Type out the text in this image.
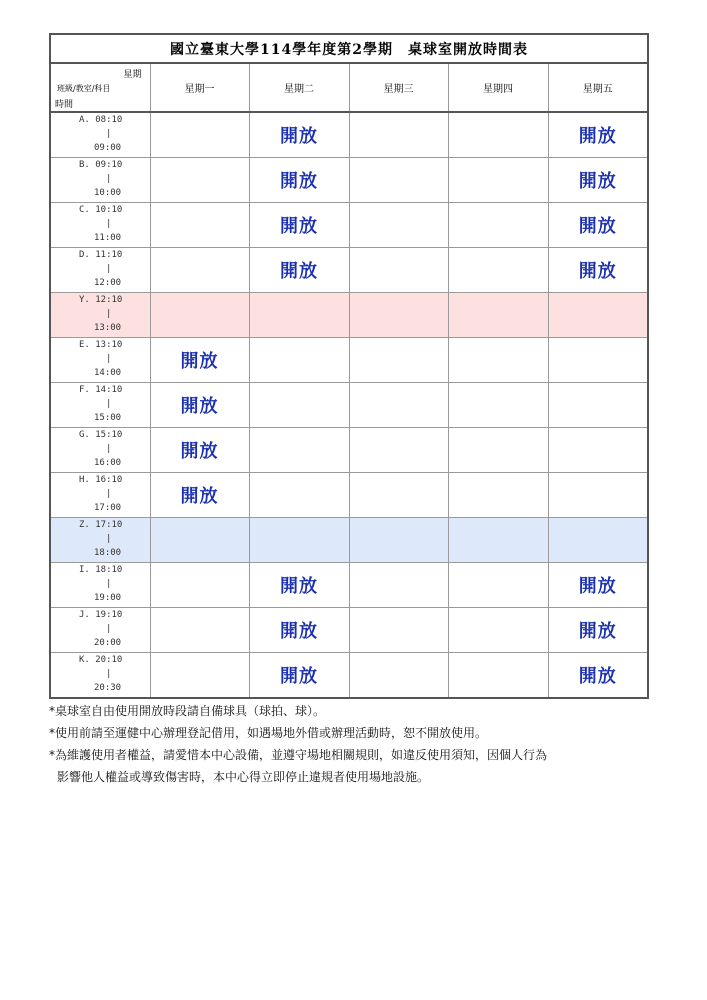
國立臺東大學114學年度第2學期　桌球室開放時間表					

星期
班級/教室/科目
時間	星期一	星期二	星期三	星期四	星期五

A. 08:10
|
09:00		開放			開放

B. 09:10
|
10:00		開放			開放

C. 10:10
|
11:00		開放			開放

D. 11:10
|
12:00		開放			開放

Y. 12:10
|
13:00					

E. 13:10
|
14:00	開放				

F. 14:10
|
15:00	開放				

G. 15:10
|
16:00	開放				

H. 16:10
|
17:00	開放				

Z. 17:10
|
18:00					

I. 18:10
|
19:00		開放			開放

J. 19:10
|
20:00		開放			開放

K. 20:10
|
20:30		開放			開放
*桌球室自由使用開放時段請自備球具（球拍、球）。
*使用前請至運健中心辦理登記借用，如遇場地外借或辦理活動時，恕不開放使用。
*為維護使用者權益，請愛惜本中心設備，並遵守場地相關規則，如違反使用須知，因個人行為
影響他人權益或導致傷害時，本中心得立即停止違規者使用場地設施。
